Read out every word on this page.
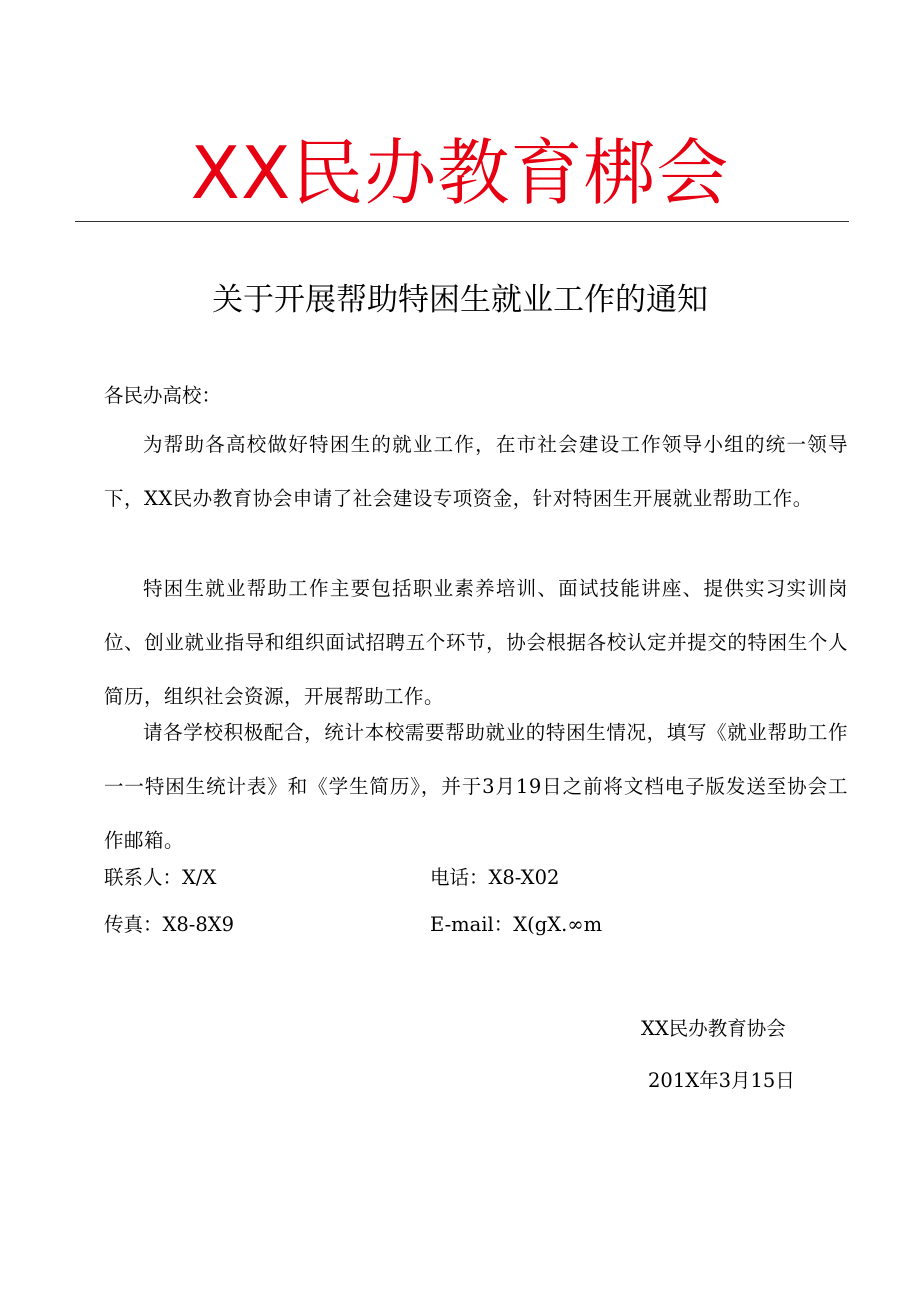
XX民办教育梆会
关于开展帮助特困生就业工作的通知
各民办高校：
为帮助各高校做好特困生的就业工作，在市社会建设工作领导小组的统一领导下，XX民办教育协会申请了社会建设专项资金，针对特困生开展就业帮助工作。
特困生就业帮助工作主要包括职业素养培训、面试技能讲座、提供实习实训岗位、创业就业指导和组织面试招聘五个环节，协会根据各校认定并提交的特困生个人简历，组织社会资源，开展帮助工作。
请各学校积极配合，统计本校需要帮助就业的特困生情况，填写《就业帮助工作一一特困生统计表》和《学生简历》，并于3月19日之前将文档电子版发送至协会工作邮箱。
联系人：X/X	电话：X8-X02
传真：X8-8X9	E-mail：X(gX.∞m
XX民办教育协会
201X年3月15日
